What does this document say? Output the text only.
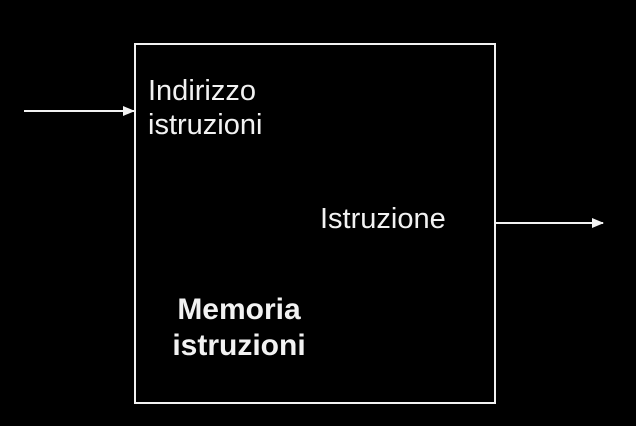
Indirizzo
istruzioni
Istruzione
Memoria
istruzioni
